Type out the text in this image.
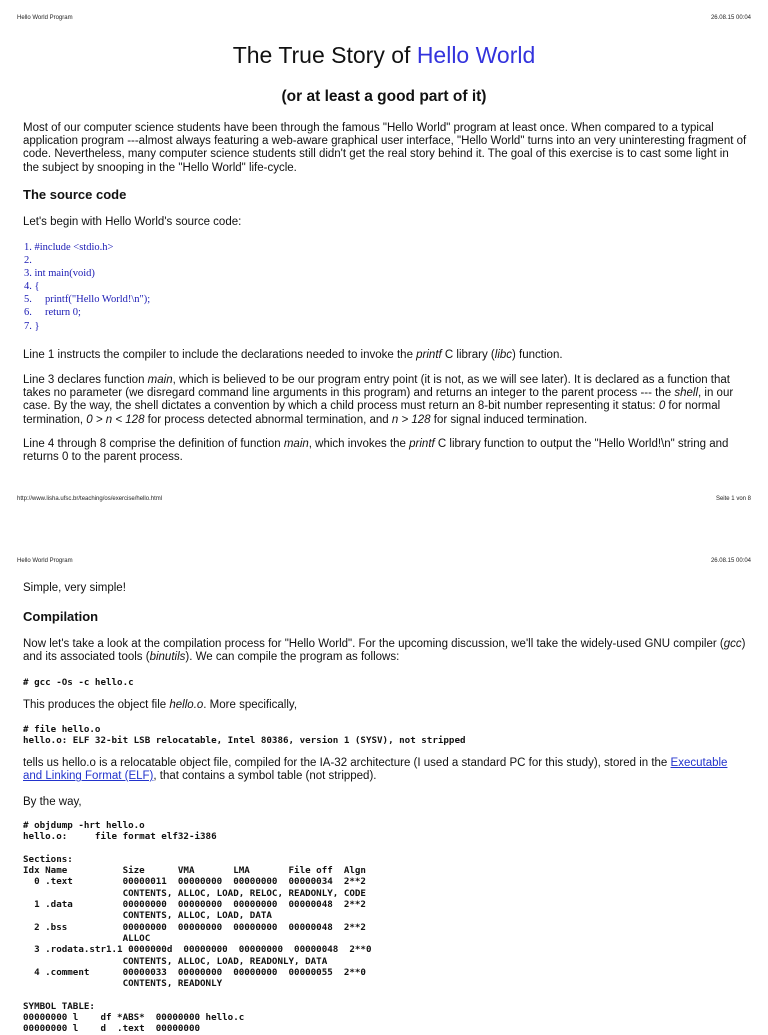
Hello World Program	26.08.15 00:04
The True Story of Hello World
(or at least a good part of it)

Most of our computer science students have been through the famous "Hello World" program at least once. When compared to a typical application program ---almost always featuring a web-aware graphical user interface, "Hello World" turns into an very uninteresting fragment of code. Nevertheless, many computer science students still didn't get the real story behind it. The goal of this exercise is to cast some light in the subject by snooping in the "Hello World" life-cycle.

The source code

Let's begin with Hello World's source code:

1. #include <stdio.h>
2.
3. int main(void)
4. {
5.     printf("Hello World!\n");
6.     return 0;
7. }

Line 1 instructs the compiler to include the declarations needed to invoke the printf C library (libc) function.

Line 3 declares function main, which is believed to be our program entry point (it is not, as we will see later). It is declared as a function that takes no parameter (we disregard command line arguments in this program) and returns an integer to the parent process --- the shell, in our case. By the way, the shell dictates a convention by which a child process must return an 8-bit number representing it status: 0 for normal termination, 0 > n < 128 for process detected abnormal termination, and n > 128 for signal induced termination.

Line 4 through 8 comprise the definition of function main, which invokes the printf C library function to output the "Hello World!\n" string and returns 0 to the parent process.

http://www.lisha.ufsc.br/teaching/os/exercise/hello.html	Seite 1 von 8
Hello World Program	26.08.15 00:04

Simple, very simple!

Compilation

Now let's take a look at the compilation process for "Hello World". For the upcoming discussion, we'll take the widely-used GNU compiler (gcc) and its associated tools (binutils). We can compile the program as follows:

# gcc -Os -c hello.c

This produces the object file hello.o. More specifically,

# file hello.o
hello.o: ELF 32-bit LSB relocatable, Intel 80386, version 1 (SYSV), not stripped

tells us hello.o is a relocatable object file, compiled for the IA-32 architecture (I used a standard PC for this study), stored in the Executable and Linking Format (ELF), that contains a symbol table (not stripped).

By the way,

# objdump -hrt hello.o
hello.o:     file format elf32-i386

Sections:
Idx Name          Size      VMA       LMA       File off  Algn
0 .text         00000011  00000000  00000000  00000034  2**2
CONTENTS, ALLOC, LOAD, RELOC, READONLY, CODE
1 .data         00000000  00000000  00000000  00000048  2**2
CONTENTS, ALLOC, LOAD, DATA
2 .bss          00000000  00000000  00000000  00000048  2**2
ALLOC
3 .rodata.str1.1 0000000d  00000000  00000000  00000048  2**0
CONTENTS, ALLOC, LOAD, READONLY, DATA
4 .comment      00000033  00000000  00000000  00000055  2**0
CONTENTS, READONLY

SYMBOL TABLE:
00000000 l    df *ABS*  00000000 hello.c
00000000 l    d  .text  00000000
